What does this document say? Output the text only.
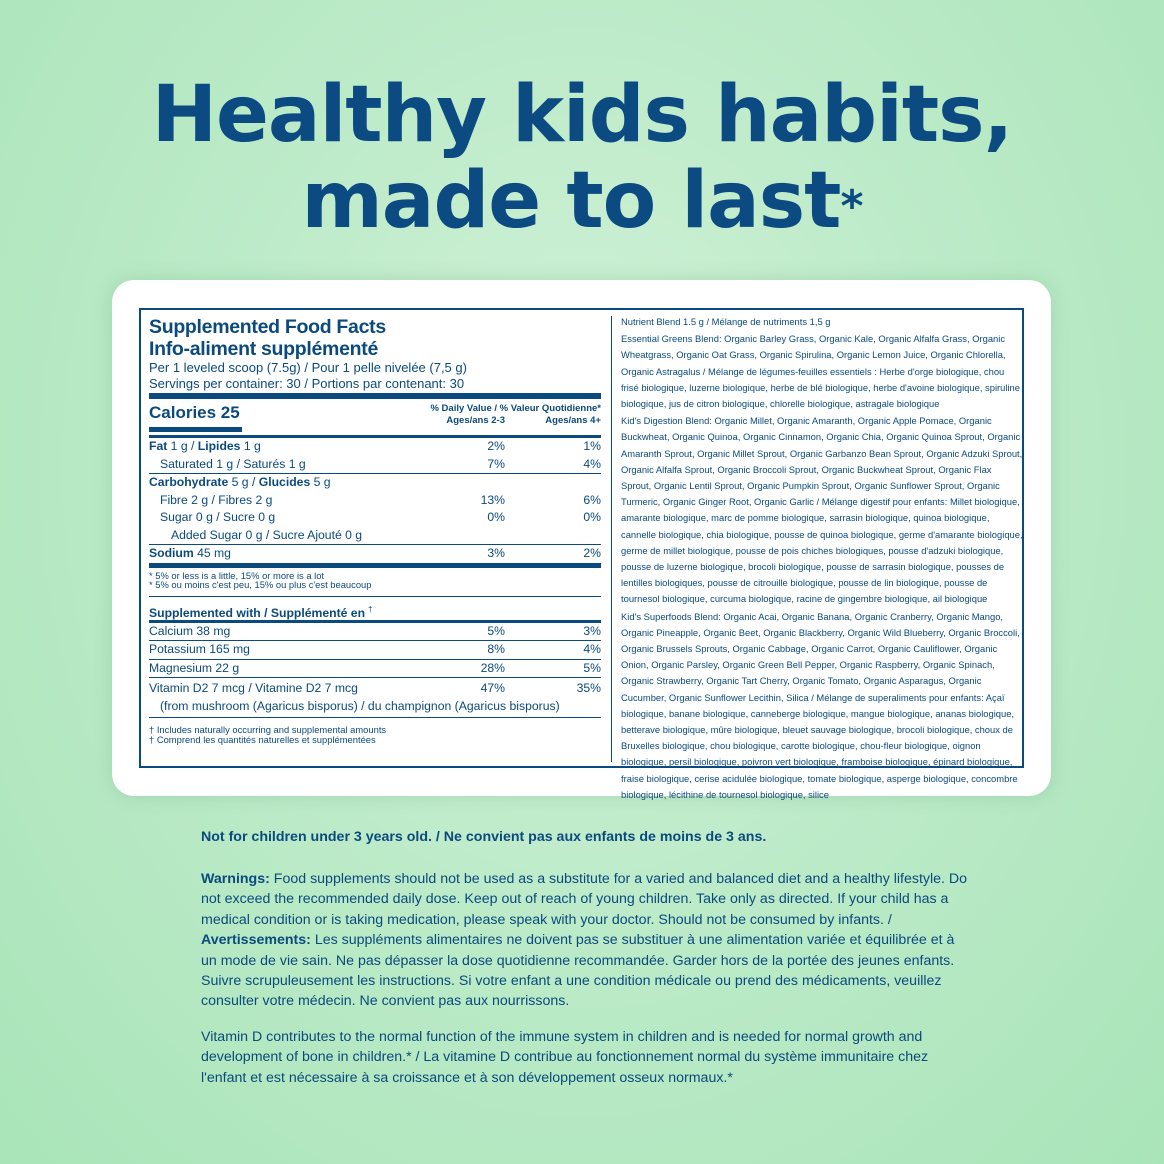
Healthy kids habits,
made to last*
Supplemented Food Facts
Info-aliment supplémenté
Per 1 leveled scoop (7.5g) / Pour 1 pelle nivelée (7,5 g)
Servings per container: 30 / Portions par contenant: 30
Calories 25	% Daily Value / % Valeur Quotidienne*
Ages/ans 2-3	Ages/ans 4+
Fat 1 g / Lipides 1 g	2%	1%
Saturated 1 g / Saturés 1 g	7%	4%
Carbohydrate 5 g / Glucides 5 g
Fibre 2 g / Fibres 2 g	13%	6%
Sugar 0 g / Sucre 0 g	0%	0%
Added Sugar 0 g / Sucre Ajouté 0 g
Sodium 45 mg	3%	2%
* 5% or less is a little, 15% or more is a lot
* 5% ou moins c'est peu, 15% ou plus c'est beaucoup
Supplemented with / Supplémenté en †
Calcium 38 mg	5%	3%
Potassium 165 mg	8%	4%
Magnesium 22 g	28%	5%
Vitamin D2 7 mcg / Vitamine D2 7 mcg	47%	35%
(from mushroom (Agaricus bisporus) / du champignon (Agaricus bisporus)
† Includes naturally occurring and supplemental amounts
† Comprend les quantités naturelles et supplémentées
Nutrient Blend 1.5 g / Mélange de nutriments 1,5 g
Essential Greens Blend: Organic Barley Grass, Organic Kale, Organic Alfalfa Grass, Organic Wheatgrass, Organic Oat Grass, Organic Spirulina, Organic Lemon Juice, Organic Chlorella, Organic Astragalus / Mélange de légumes-feuilles essentiels : Herbe d'orge biologique, chou frisé biologique, luzerne biologique, herbe de blé biologique, herbe d'avoine biologique, spiruline biologique, jus de citron biologique, chlorelle biologique, astragale biologique
Kid's Digestion Blend: Organic Millet, Organic Amaranth, Organic Apple Pomace, Organic Buckwheat, Organic Quinoa, Organic Cinnamon, Organic Chia, Organic Quinoa Sprout, Organic Amaranth Sprout, Organic Millet Sprout, Organic Garbanzo Bean Sprout, Organic Adzuki Sprout, Organic Alfalfa Sprout, Organic Broccoli Sprout, Organic Buckwheat Sprout, Organic Flax Sprout, Organic Lentil Sprout, Organic Pumpkin Sprout, Organic Sunflower Sprout, Organic Turmeric, Organic Ginger Root, Organic Garlic / Mélange digestif pour enfants: Millet biologique, amarante biologique, marc de pomme biologique, sarrasin biologique, quinoa biologique, cannelle biologique, chia biologique, pousse de quinoa biologique, germe d'amarante biologique, germe de millet biologique, pousse de pois chiches biologiques, pousse d'adzuki biologique, pousse de luzerne biologique, brocoli biologique, pousse de sarrasin biologique, pousses de lentilles biologiques, pousse de citrouille biologique, pousse de lin biologique, pousse de tournesol biologique, curcuma biologique, racine de gingembre biologique, ail biologique
Kid's Superfoods Blend: Organic Acai, Organic Banana, Organic Cranberry, Organic Mango, Organic Pineapple, Organic Beet, Organic Blackberry, Organic Wild Blueberry, Organic Broccoli, Organic Brussels Sprouts, Organic Cabbage, Organic Carrot, Organic Cauliflower, Organic Onion, Organic Parsley, Organic Green Bell Pepper, Organic Raspberry, Organic Spinach, Organic Strawberry, Organic Tart Cherry, Organic Tomato, Organic Asparagus, Organic Cucumber, Organic Sunflower Lecithin, Silica / Mélange de superaliments pour enfants: Açaï biologique, banane biologique, canneberge biologique, mangue biologique, ananas biologique, betterave biologique, mûre biologique, bleuet sauvage biologique, brocoli biologique, choux de Bruxelles biologique, chou biologique, carotte biologique, chou-fleur biologique, oignon biologique, persil biologique, poivron vert biologique, framboise biologique, épinard biologique, fraise biologique, cerise acidulée biologique, tomate biologique, asperge biologique, concombre biologique, lécithine de tournesol biologique, silice
Not for children under 3 years old. / Ne convient pas aux enfants de moins de 3 ans.
Warnings: Food supplements should not be used as a substitute for a varied and balanced diet and a healthy lifestyle. Do not exceed the recommended daily dose. Keep out of reach of young children. Take only as directed. If your child has a medical condition or is taking medication, please speak with your doctor. Should not be consumed by infants. / Avertissements: Les suppléments alimentaires ne doivent pas se substituer à une alimentation variée et équilibrée et à un mode de vie sain. Ne pas dépasser la dose quotidienne recommandée. Garder hors de la portée des jeunes enfants. Suivre scrupuleusement les instructions. Si votre enfant a une condition médicale ou prend des médicaments, veuillez consulter votre médecin. Ne convient pas aux nourrissons.
Vitamin D contributes to the normal function of the immune system in children and is needed for normal growth and development of bone in children.* / La vitamine D contribue au fonctionnement normal du système immunitaire chez l'enfant et est nécessaire à sa croissance et à son développement osseux normaux.*
